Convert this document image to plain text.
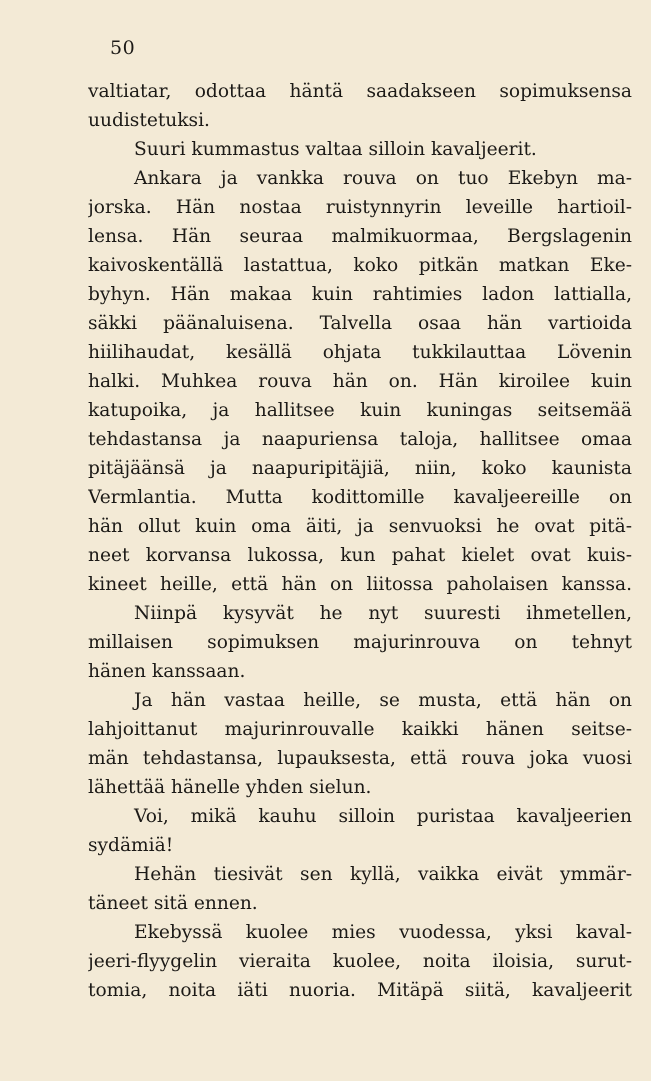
50
valtiatar, odottaa häntä saadakseen sopimuksensa
uudistetuksi.
Suuri kummastus valtaa silloin kavaljeerit.
Ankara ja vankka rouva on tuo Ekebyn ma-
jorska. Hän nostaa ruistynnyrin leveille hartioil-
lensa. Hän seuraa malmikuormaa, Bergslagenin
kaivoskentällä lastattua, koko pitkän matkan Eke-
byhyn. Hän makaa kuin rahtimies ladon lattialla,
säkki päänaluisena. Talvella osaa hän vartioida
hiilihaudat, kesällä ohjata tukkilauttaa Lövenin
halki. Muhkea rouva hän on. Hän kiroilee kuin
katupoika, ja hallitsee kuin kuningas seitsemää
tehdastansa ja naapuriensa taloja, hallitsee omaa
pitäjäänsä ja naapuripitäjiä, niin, koko kaunista
Vermlantia. Mutta kodittomille kavaljeereille on
hän ollut kuin oma äiti, ja senvuoksi he ovat pitä-
neet korvansa lukossa, kun pahat kielet ovat kuis-
kineet heille, että hän on liitossa paholaisen kanssa.
Niinpä kysyvät he nyt suuresti ihmetellen,
millaisen sopimuksen majurinrouva on tehnyt
hänen kanssaan.
Ja hän vastaa heille, se musta, että hän on
lahjoittanut majurinrouvalle kaikki hänen seitse-
män tehdastansa, lupauksesta, että rouva joka vuosi
lähettää hänelle yhden sielun.
Voi, mikä kauhu silloin puristaa kavaljeerien
sydämiä!
Hehän tiesivät sen kyllä, vaikka eivät ymmär-
täneet sitä ennen.
Ekebyssä kuolee mies vuodessa, yksi kaval-
jeeri-flyygelin vieraita kuolee, noita iloisia, surut-
tomia, noita iäti nuoria. Mitäpä siitä, kavaljeerit
